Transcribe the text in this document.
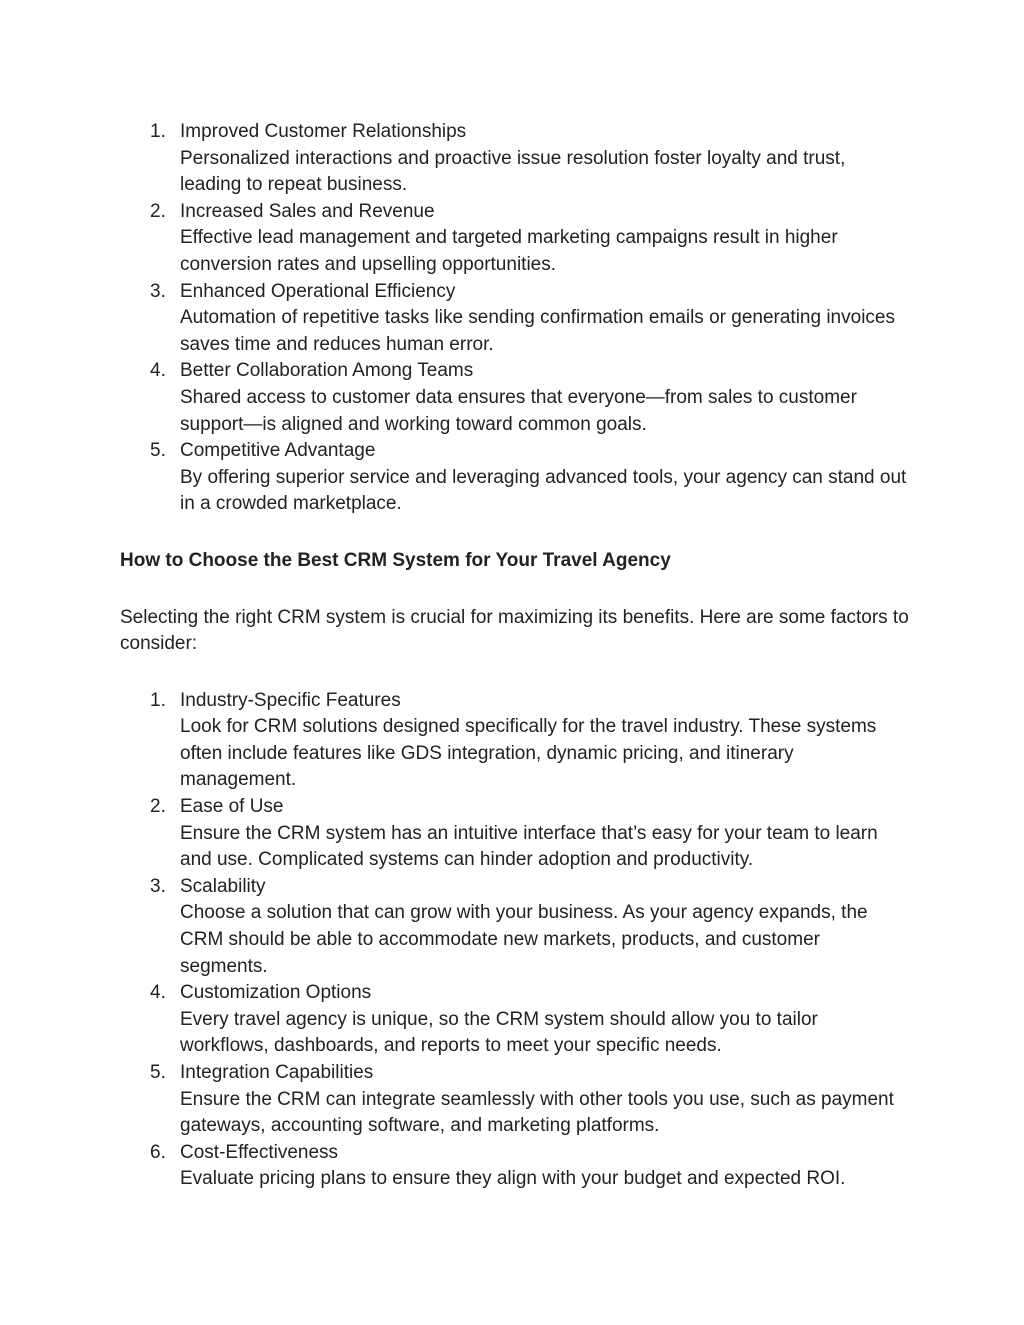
1. Improved Customer Relationships
Personalized interactions and proactive issue resolution foster loyalty and trust, leading to repeat business.
2. Increased Sales and Revenue
Effective lead management and targeted marketing campaigns result in higher conversion rates and upselling opportunities.
3. Enhanced Operational Efficiency
Automation of repetitive tasks like sending confirmation emails or generating invoices saves time and reduces human error.
4. Better Collaboration Among Teams
Shared access to customer data ensures that everyone—from sales to customer support—is aligned and working toward common goals.
5. Competitive Advantage
By offering superior service and leveraging advanced tools, your agency can stand out in a crowded marketplace.
How to Choose the Best CRM System for Your Travel Agency
Selecting the right CRM system is crucial for maximizing its benefits. Here are some factors to consider:
1. Industry-Specific Features
Look for CRM solutions designed specifically for the travel industry. These systems often include features like GDS integration, dynamic pricing, and itinerary management.
2. Ease of Use
Ensure the CRM system has an intuitive interface that’s easy for your team to learn and use. Complicated systems can hinder adoption and productivity.
3. Scalability
Choose a solution that can grow with your business. As your agency expands, the CRM should be able to accommodate new markets, products, and customer segments.
4. Customization Options
Every travel agency is unique, so the CRM system should allow you to tailor workflows, dashboards, and reports to meet your specific needs.
5. Integration Capabilities
Ensure the CRM can integrate seamlessly with other tools you use, such as payment gateways, accounting software, and marketing platforms.
6. Cost-Effectiveness
Evaluate pricing plans to ensure they align with your budget and expected ROI.
